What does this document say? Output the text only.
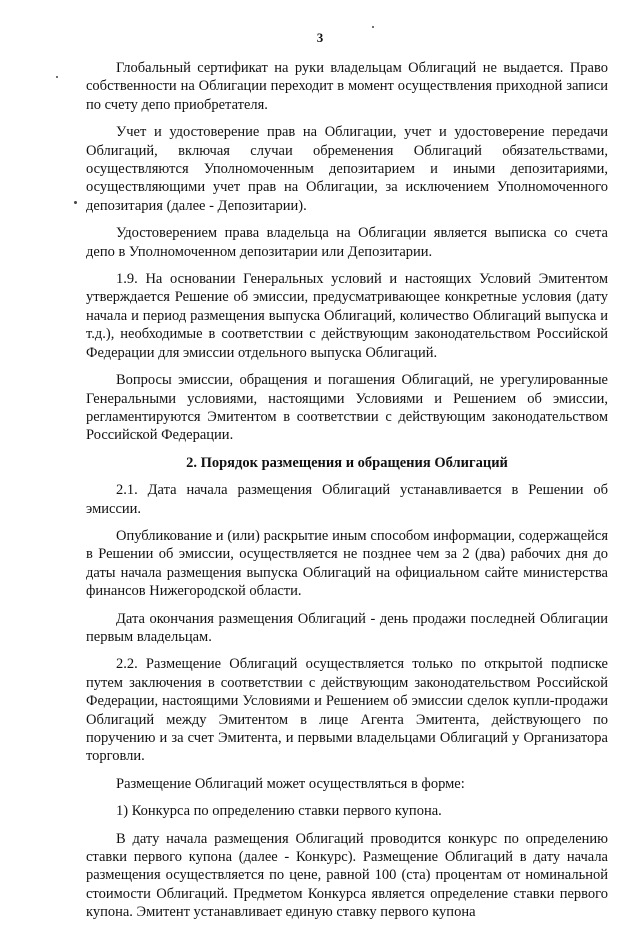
3

Глобальный сертификат на руки владельцам Облигаций не выдается. Право собственности на Облигации переходит в момент осуществления приходной записи по счету депо приобретателя.

Учет и удостоверение прав на Облигации, учет и удостоверение передачи Облигаций, включая случаи обременения Облигаций обязательствами, осуществляются Уполномоченным депозитарием и иными депозитариями, осуществляющими учет прав на Облигации, за исключением Уполномоченного депозитария (далее - Депозитарии).

Удостоверением права владельца на Облигации является выписка со счета депо в Уполномоченном депозитарии или Депозитарии.

1.9. На основании Генеральных условий и настоящих Условий Эмитентом утверждается Решение об эмиссии, предусматривающее конкретные условия (дату начала и период размещения выпуска Облигаций, количество Облигаций выпуска и т.д.), необходимые в соответствии с действующим законодательством Российской Федерации для эмиссии отдельного выпуска Облигаций.

Вопросы эмиссии, обращения и погашения Облигаций, не урегулированные Генеральными условиями, настоящими Условиями и Решением об эмиссии, регламентируются Эмитентом в соответствии с действующим законодательством Российской Федерации.

2. Порядок размещения и обращения Облигаций

2.1. Дата начала размещения Облигаций устанавливается в Решении об эмиссии.

Опубликование и (или) раскрытие иным способом информации, содержащейся в Решении об эмиссии, осуществляется не позднее чем за 2 (два) рабочих дня до даты начала размещения выпуска Облигаций на официальном сайте министерства финансов Нижегородской области.

Дата окончания размещения Облигаций - день продажи последней Облигации первым владельцам.

2.2. Размещение Облигаций осуществляется только по открытой подписке путем заключения в соответствии с действующим законодательством Российской Федерации, настоящими Условиями и Решением об эмиссии сделок купли-продажи Облигаций между Эмитентом в лице Агента Эмитента, действующего по поручению и за счет Эмитента, и первыми владельцами Облигаций у Организатора торговли.

Размещение Облигаций может осуществляться в форме:

1) Конкурса по определению ставки первого купона.

В дату начала размещения Облигаций проводится конкурс по определению ставки первого купона (далее - Конкурс). Размещение Облигаций в дату начала размещения осуществляется по цене, равной 100 (ста) процентам от номинальной стоимости Облигаций. Предметом Конкурса является определение ставки первого купона. Эмитент устанавливает единую ставку первого купона
